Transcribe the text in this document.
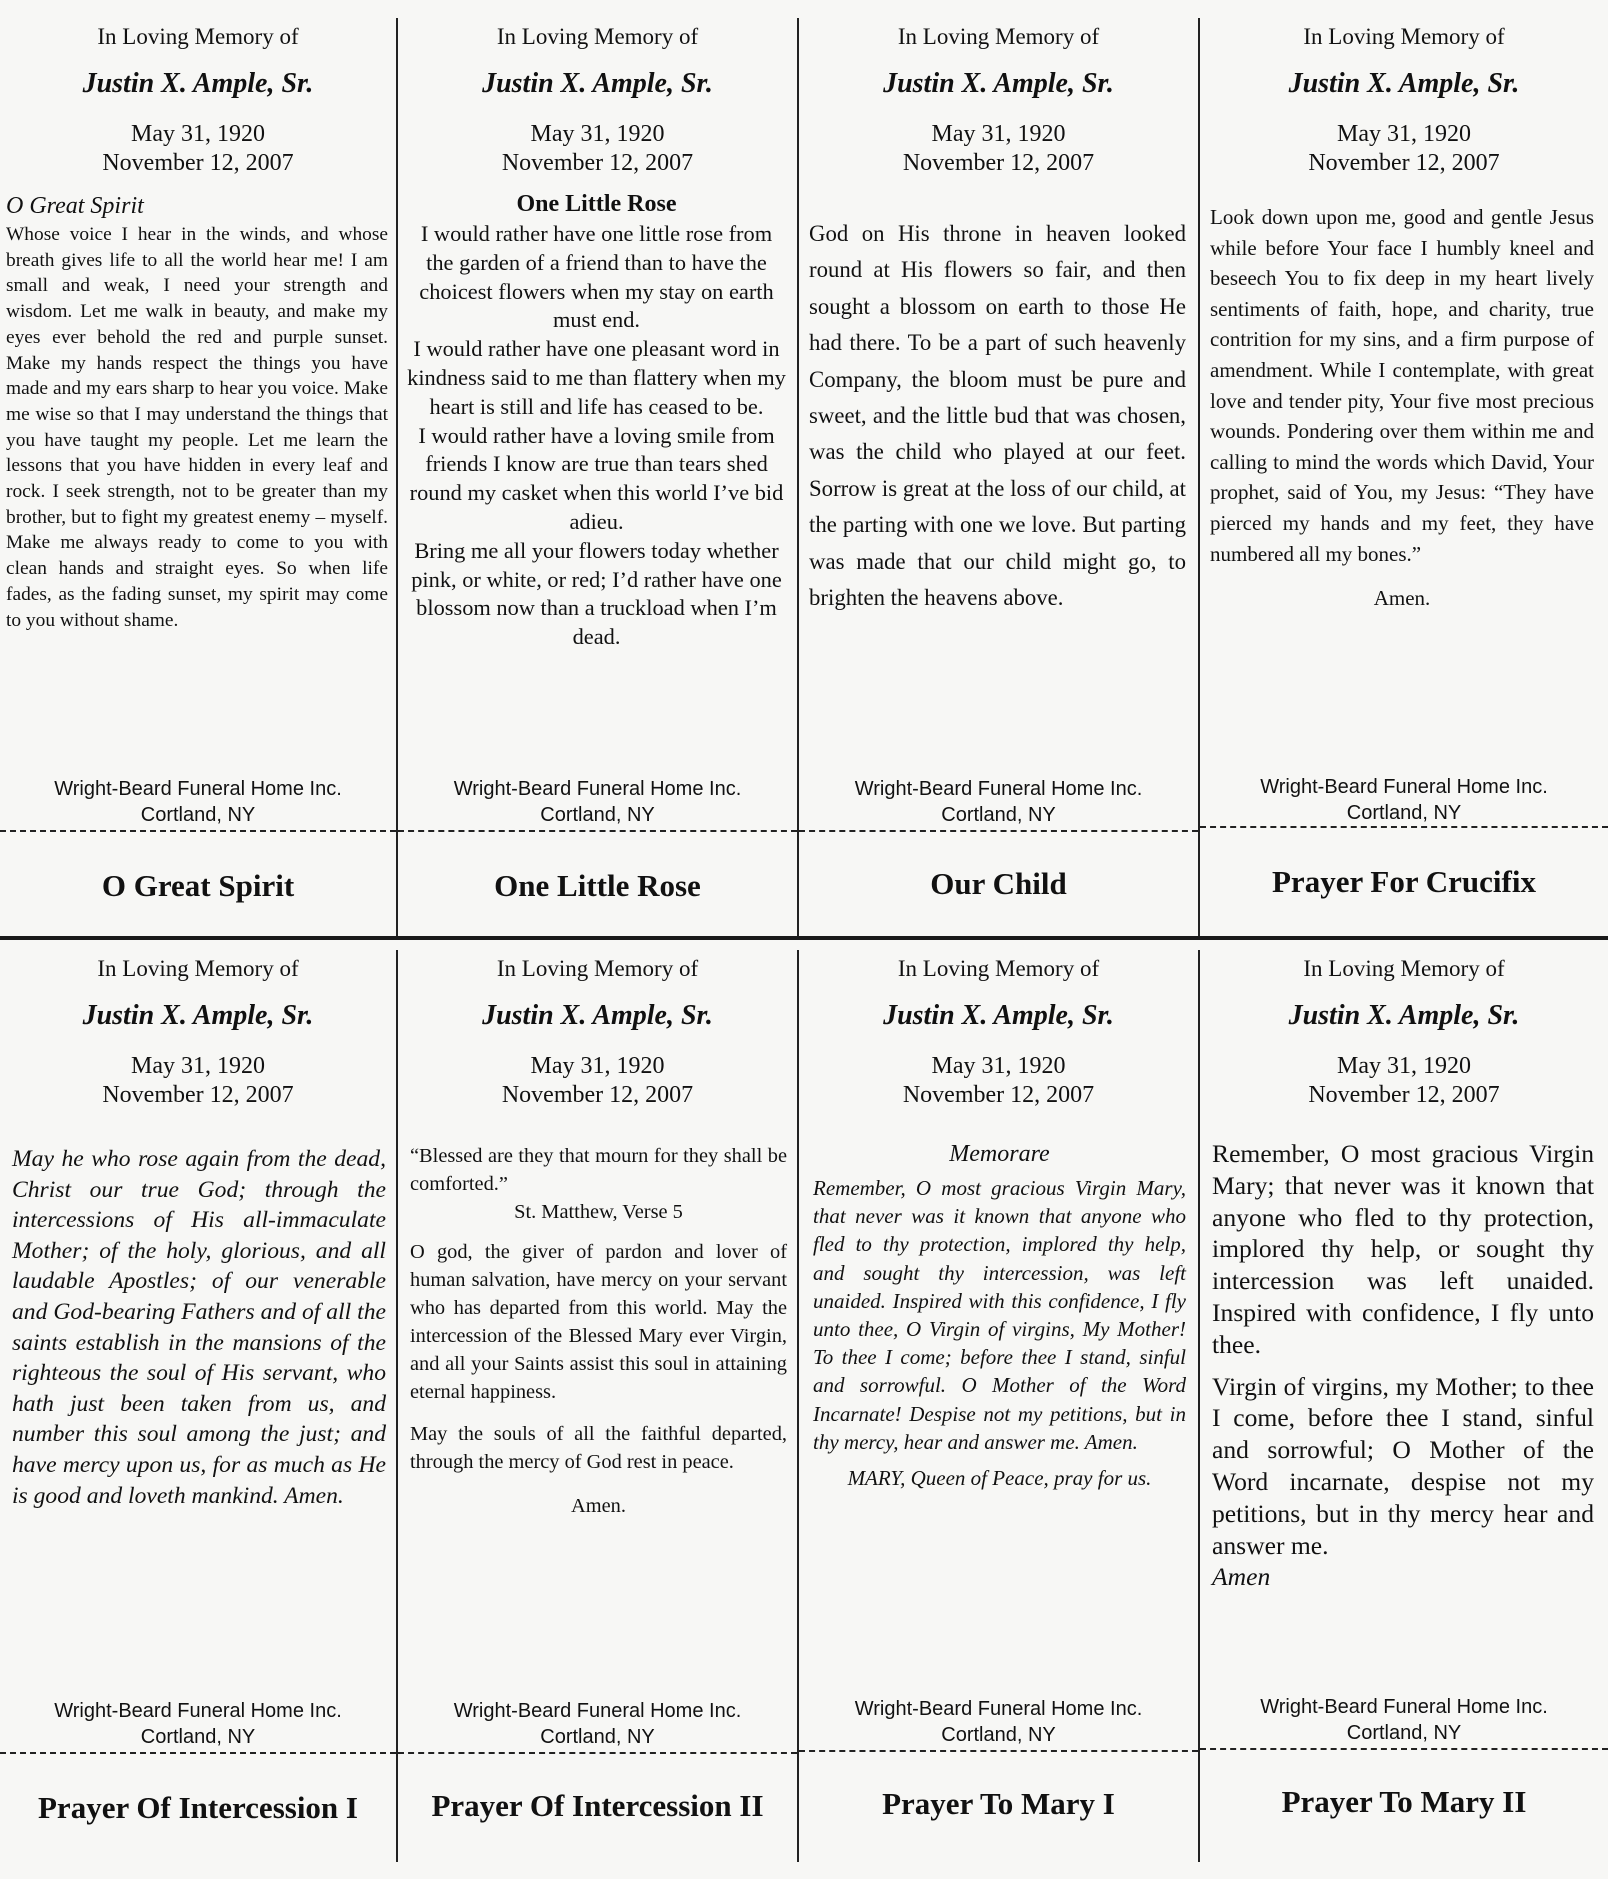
In Loving Memory of
Justin X. Ample, Sr.
May 31, 1920
November 12, 2007
O Great Spirit

Whose voice I hear in the winds, and whose breath gives life to all the world hear me! I am small and weak, I need your strength and wisdom. Let me walk in beauty, and make my eyes ever behold the red and purple sunset. Make my hands respect the things you have made and my ears sharp to hear you voice. Make me wise so that I may understand the things that you have taught my people. Let me learn the lessons that you have hidden in every leaf and rock. I seek strength, not to be greater than my brother, but to fight my greatest enemy – myself. Make me always ready to come to you with clean hands and straight eyes. So when life fades, as the fading sunset, my spirit may come to you without shame.

Wright-Beard Funeral Home Inc.
Cortland, NY
O Great Spirit
In Loving Memory of
Justin X. Ample, Sr.
May 31, 1920
November 12, 2007
One Little Rose

I would rather have one little rose from the garden of a friend than to have the choicest flowers when my stay on earth must end.

I would rather have one pleasant word in kindness said to me than flattery when my heart is still and life has ceased to be.

I would rather have a loving smile from friends I know are true than tears shed round my casket when this world I’ve bid adieu.

Bring me all your flowers today whether pink, or white, or red; I’d rather have one blossom now than a truckload when I’m dead.

Wright-Beard Funeral Home Inc.
Cortland, NY
One Little Rose
In Loving Memory of
Justin X. Ample, Sr.
May 31, 1920
November 12, 2007

God on His throne in heaven looked round at His flowers so fair, and then sought a blossom on earth to those He had there. To be a part of such heavenly Company, the bloom must be pure and sweet, and the little bud that was chosen, was the child who played at our feet. Sorrow is great at the loss of our child, at the parting with one we love. But parting was made that our child might go, to brighten the heavens above.

Wright-Beard Funeral Home Inc.
Cortland, NY
Our Child
In Loving Memory of
Justin X. Ample, Sr.
May 31, 1920
November 12, 2007

Look down upon me, good and gentle Jesus while before Your face I humbly kneel and beseech You to fix deep in my heart lively sentiments of faith, hope, and charity, true contrition for my sins, and a firm purpose of amendment. While I contemplate, with great love and tender pity, Your five most precious wounds. Pondering over them within me and calling to mind the words which David, Your prophet, said of You, my Jesus: “They have pierced my hands and my feet, they have numbered all my bones.”

Amen.

Wright-Beard Funeral Home Inc.
Cortland, NY
Prayer For Crucifix
In Loving Memory of
Justin X. Ample, Sr.
May 31, 1920
November 12, 2007

May he who rose again from the dead, Christ our true God; through the intercessions of His all-immaculate Mother; of the holy, glorious, and all laudable Apostles; of our venerable and God-bearing Fathers and of all the saints establish in the mansions of the righteous the soul of His servant, who hath just been taken from us, and number this soul among the just; and have mercy upon us, for as much as He is good and loveth mankind. Amen.

Wright-Beard Funeral Home Inc.
Cortland, NY
Prayer Of Intercession I
In Loving Memory of
Justin X. Ample, Sr.
May 31, 1920
November 12, 2007

“Blessed are they that mourn for they shall be comforted.”

St. Matthew, Verse 5

O god, the giver of pardon and lover of human salvation, have mercy on your servant who has departed from this world. May the intercession of the Blessed Mary ever Virgin, and all your Saints assist this soul in attaining eternal happiness.

May the souls of all the faithful departed, through the mercy of God rest in peace.

Amen.

Wright-Beard Funeral Home Inc.
Cortland, NY
Prayer Of Intercession II
In Loving Memory of
Justin X. Ample, Sr.
May 31, 1920
November 12, 2007
Memorare

Remember, O most gracious Virgin Mary, that never was it known that anyone who fled to thy protection, implored thy help, and sought thy intercession, was left unaided. Inspired with this confidence, I fly unto thee, O Virgin of virgins, My Mother! To thee I come; before thee I stand, sinful and sorrowful. O Mother of the Word Incarnate! Despise not my petitions, but in thy mercy, hear and answer me. Amen.

MARY, Queen of Peace, pray for us.

Wright-Beard Funeral Home Inc.
Cortland, NY
Prayer To Mary I
In Loving Memory of
Justin X. Ample, Sr.
May 31, 1920
November 12, 2007

Remember, O most gracious Virgin Mary; that never was it known that anyone who fled to thy protection, implored thy help, or sought thy intercession was left unaided. Inspired with confidence, I fly unto thee.

Virgin of virgins, my Mother; to thee I come, before thee I stand, sinful and sorrowful; O Mother of the Word incarnate, despise not my petitions, but in thy mercy hear and answer me.

Amen

Wright-Beard Funeral Home Inc.
Cortland, NY
Prayer To Mary II
